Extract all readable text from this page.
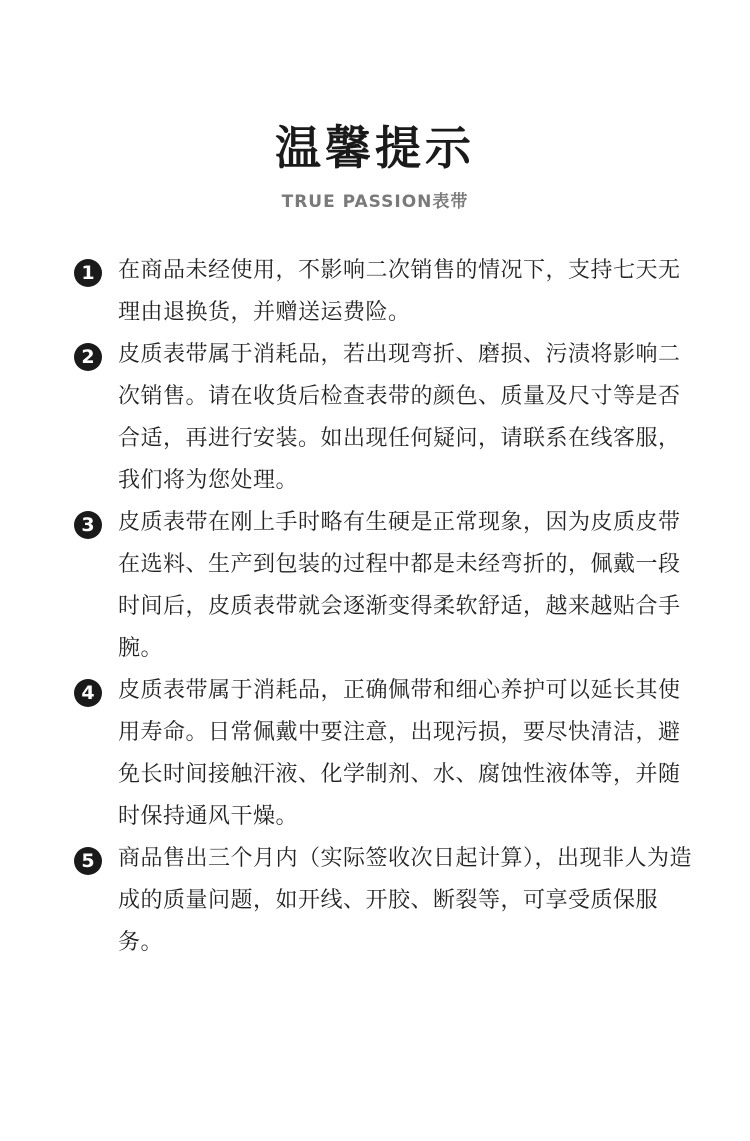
温馨提示
TRUE PASSION表带
1	在商品未经使用，不影响二次销售的情况下，支持七天无理由退换货，并赠送运费险。
2	皮质表带属于消耗品，若出现弯折、磨损、污渍将影响二次销售。请在收货后检查表带的颜色、质量及尺寸等是否合适，再进行安装。如出现任何疑问，请联系在线客服，我们将为您处理。
3	皮质表带在刚上手时略有生硬是正常现象，因为皮质皮带在选料、生产到包装的过程中都是未经弯折的，佩戴一段时间后，皮质表带就会逐渐变得柔软舒适，越来越贴合手腕。
4	皮质表带属于消耗品，正确佩带和细心养护可以延长其使用寿命。日常佩戴中要注意，出现污损，要尽快清洁，避免长时间接触汗液、化学制剂、水、腐蚀性液体等，并随时保持通风干燥。
5	商品售出三个月内（实际签收次日起计算），出现非人为造成的质量问题，如开线、开胶、断裂等，可享受质保服务。
